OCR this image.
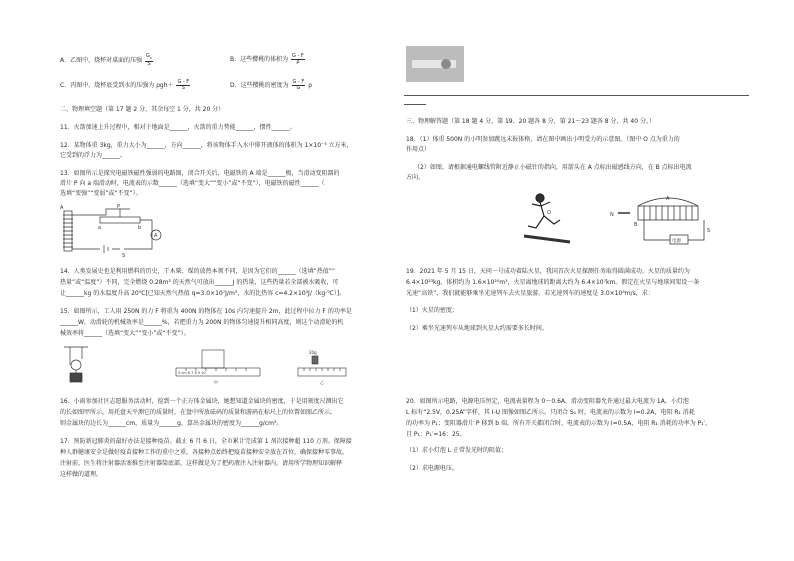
A．乙图中，烧杯对桌面的压强 $\frac{G_0}{S}$	B．这些樱桃的体积为 $\frac{G - F}{\rho}$
C．丙图中，烧杯底受到水的压强为 $\rho gh+ \frac{G - F}{S}$	D．这些樱桃的密度为 $\frac{G - F}{G}$ ρ
二、物理填空题（第 17 题 2 分，其余每空 1 分，共 20 分）
11．火箭加速上升过程中，相对于地面是______，火箭的重力势能______，惯性______。
12．某物体重 3kg，重力大小为______，方向______，将该物体手入水中排开液体的体积为 1×10⁻³ 立方米，
它受到的浮力为______。
13．如图所示是探究电磁铁磁性强弱的电路图，闭合开关后，电磁铁的 A 端是______极，当滑动变阻器的
滑片 P 向 a 端滑动时，电流表的示数______（选填“变大”“变小”或“不变”），电磁铁的磁性______（
选填“变强”“变弱”或“不变”）。
A	P
a	b
S
A
14．人类发展史也是利用燃料的历史，干木柴、煤的放热本领不同，是因为它们的______（选填“热值”“
热量”或“温度”）不同，完全燃烧 0.28m³ 的天然气可放出______J 的热量，这些热量若全部被水吸收，可
让______kg 的水温度升高 20℃[已知天然气热值 q=3.0×10⁷J/m³，水的比热容 c=4.2×10³J/（kg·℃）]。
15．如图所示，工人用 250N 的力 F 将重为 400N 的物体在 10s 内匀速提升 2m，此过程中拉力 F 的功率是
______W，动滑轮的机械效率是______%，若把重力为 200N 的物体匀速提升相同高度，则这个动滑轮的机
械效率将______（选填“变大”“变小”或“不变”）。
5 cm 6 7 8 9 10
20g
甲	乙
16．小雨参加社区志愿服务活动时，捡到一个正方体金属块，她想知道金属块的密度，于是用刻度尺测出它
的长如图甲所示，用托盘天平测它的质量时，在盘中所放砝码的质量和游码在标尺上的位置如图乙所示。
则金属块的边长为______cm，质量为______g，算出金属块的密度为______g/cm³。
17．预防新冠肺炎的最好办法是接种疫苗。截止 6 月 6 日，全市累计完成第 1 剂次接种超 110 万剂。保障接
种人群健康安全是做好疫苗接种工作的重中之重，各接种点始终把疫苗接种安全放在首位，确保接种零事故。
注射前，医生将注射器活塞推至注射器筒底部，这样做是为了把药液注入注射器内。请用所学物理知识解释
这样做的道理。
三、物理解答题（第 18 题 4 分，第 19、20 题各 8 分，第 21～23 题各 8 分，共 40 分。）
18．（1）体重 500N 的小明参加跳远未报体格，请在图中画出小明受力的示意图。（图中 O 点为重力的
作用点）
（2）如图，请根据通电螺线管附近静止小磁针的指向，用箭头在 A 点标出磁感线方向，在 B 点标出电流
方向。
O	N
A
B
电源
S
19．2021 年 5 月 15 日，天问一号成功着陆火星，我国首次火星探测任务取得圆满成功。火星的质量约为
6.4×10²³kg，体积约为 1.6×10²⁰m³，火星离地球的距离大约为 6.4×10⁷km。假定在火星与地球间架设一条
光速“高铁”，我们就能够乘坐光速列车去火星旅游。若光速列车的速度是 3.0×10⁸m/s，求：
（1）火星的密度；
（2）乘坐光速列车从地球到火星大约需要多长时间。
20．如图所示电路，电源电压恒定，电流表量程为 0～0.6A，滑动变阻器允许通过最大电流为 1A。小灯泡
L 标有“2.5V，0.25A”字样，其 I-U 图像如图乙所示。只闭合 S₁ 时，电流表的示数为 I=0.2A，电阻 R₁ 消耗
的功率为 P₁；变阻器滑片 P 移到 b 端，所有开关都闭合时，电流表的示数为 I=0.5A，电阻 R₁ 消耗的功率为 P₁′，
且 P₁：P₁′=16：25。
（1）求小灯泡 L 正常发光时的阻值；
（2）求电源电压。
